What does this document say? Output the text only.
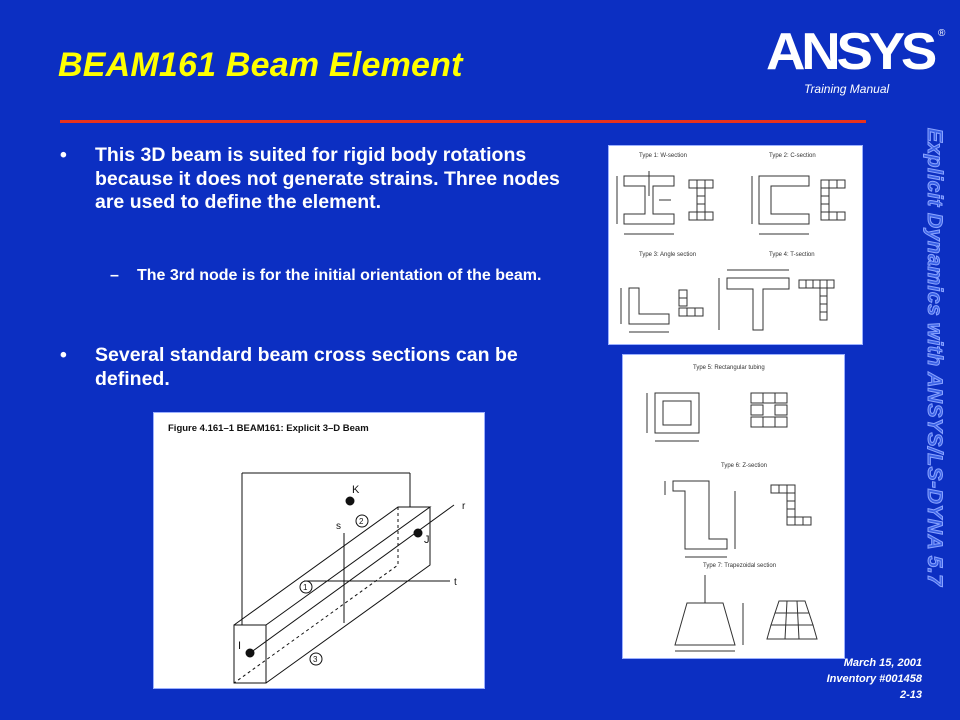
BEAM161 Beam Element	ANSYS ®
Training Manual
Explicit Dynamics with ANSYS/LS-DYNA 5.7
• This 3D beam is suited for rigid body rotations because it does not generate strains. Three nodes are used to define the element.
– The 3rd node is for the initial orientation of the beam.
• Several standard beam cross sections can be defined.
Type 1: W-section	Type 2: C-section
Type 3: Angle section	Type 4: T-section
Type 5: Rectangular tubing
Type 6: Z-section
Type 7: Trapezoidal section
Figure 4.161–1 BEAM161: Explicit 3–D Beam
I
J
K
r
s
t
1
2
3	March 15, 2001
Inventory #001458
2-13
